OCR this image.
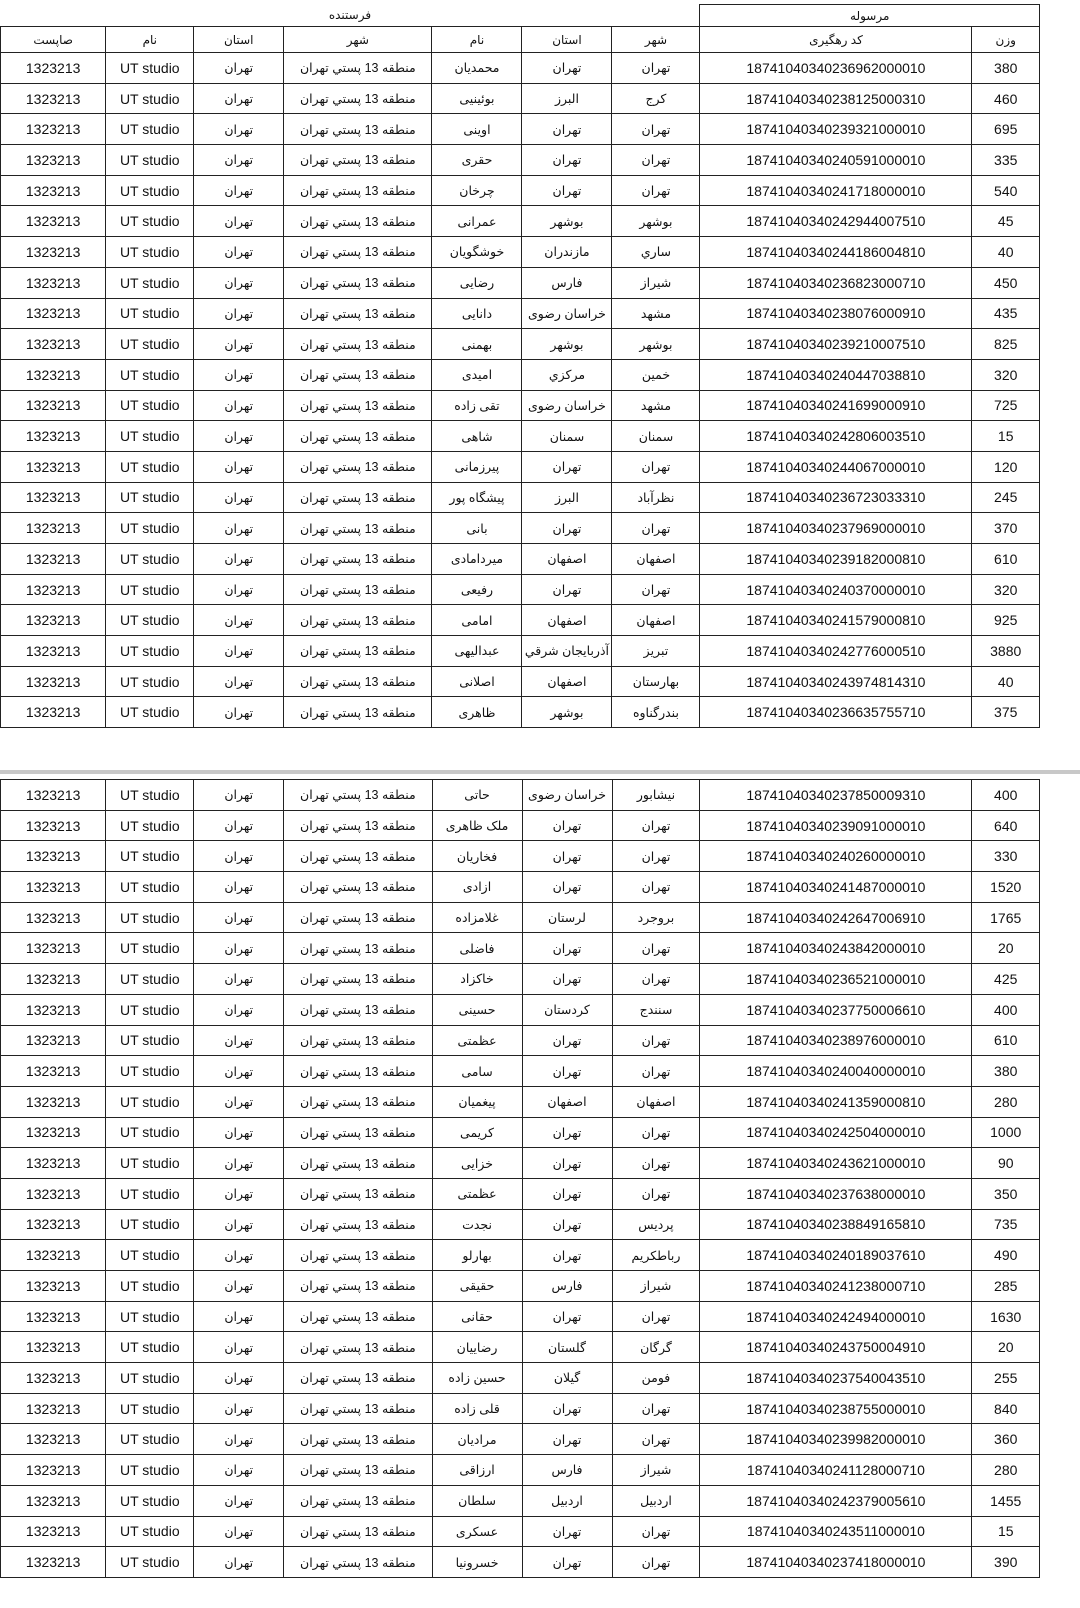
فرستنده							مرسوله	
صاپست	نام	استان	شهر	نام	استان	شهر	کد رهگیری	وزن
1323213	UT studio	تهران	منطقه 13 پستي تهران	محمديان	تهران	تهران	18741040340236962000010	380
1323213	UT studio	تهران	منطقه 13 پستي تهران	بوئينيى	البرز	کرج	18741040340238125000310	460
1323213	UT studio	تهران	منطقه 13 پستي تهران	اوينى	تهران	تهران	18741040340239321000010	695
1323213	UT studio	تهران	منطقه 13 پستي تهران	حقرى	تهران	تهران	18741040340240591000010	335
1323213	UT studio	تهران	منطقه 13 پستي تهران	چرخان	تهران	تهران	18741040340241718000010	540
1323213	UT studio	تهران	منطقه 13 پستي تهران	عمرانى	بوشهر	بوشهر	18741040340242944007510	45
1323213	UT studio	تهران	منطقه 13 پستي تهران	خوشگويان	مازندران	ساري	18741040340244186004810	40
1323213	UT studio	تهران	منطقه 13 پستي تهران	رضايى	فارس	شيراز	18741040340236823000710	450
1323213	UT studio	تهران	منطقه 13 پستي تهران	دانايى	خراسان رضوى	مشهد	18741040340238076000910	435
1323213	UT studio	تهران	منطقه 13 پستي تهران	بهمنى	بوشهر	بوشهر	18741040340239210007510	825
1323213	UT studio	تهران	منطقه 13 پستي تهران	اميدى	مرکزي	خمين	18741040340240447038810	320
1323213	UT studio	تهران	منطقه 13 پستي تهران	تقى زاده	خراسان رضوى	مشهد	18741040340241699000910	725
1323213	UT studio	تهران	منطقه 13 پستي تهران	شاهى	سمنان	سمنان	18741040340242806003510	15
1323213	UT studio	تهران	منطقه 13 پستي تهران	پيرزمانى	تهران	تهران	18741040340244067000010	120
1323213	UT studio	تهران	منطقه 13 پستي تهران	پيشگاه پور	البرز	نظرآباد	18741040340236723033310	245
1323213	UT studio	تهران	منطقه 13 پستي تهران	بانى	تهران	تهران	18741040340237969000010	370
1323213	UT studio	تهران	منطقه 13 پستي تهران	ميردامادى	اصفهان	اصفهان	18741040340239182000810	610
1323213	UT studio	تهران	منطقه 13 پستي تهران	رفيعى	تهران	تهران	18741040340240370000010	320
1323213	UT studio	تهران	منطقه 13 پستي تهران	امامى	اصفهان	اصفهان	18741040340241579000810	925
1323213	UT studio	تهران	منطقه 13 پستي تهران	عبداليهى	آذربايجان شرقي	تبريز	18741040340242776000510	3880
1323213	UT studio	تهران	منطقه 13 پستي تهران	اصلانى	اصفهان	بهارستان	18741040340243974814310	40
1323213	UT studio	تهران	منطقه 13 پستي تهران	ظاهرى	بوشهر	بندرگناوه	18741040340236635755710	375
1323213	UT studio	تهران	منطقه 13 پستي تهران	حاتى	خراسان رضوى	نيشابور	18741040340237850009310	400
1323213	UT studio	تهران	منطقه 13 پستي تهران	ملک ظاهرى	تهران	تهران	18741040340239091000010	640
1323213	UT studio	تهران	منطقه 13 پستي تهران	فخاريان	تهران	تهران	18741040340240260000010	330
1323213	UT studio	تهران	منطقه 13 پستي تهران	ازادى	تهران	تهران	18741040340241487000010	1520
1323213	UT studio	تهران	منطقه 13 پستي تهران	غلامزاده	لرستان	بروجرد	18741040340242647006910	1765
1323213	UT studio	تهران	منطقه 13 پستي تهران	فاضلى	تهران	تهران	18741040340243842000010	20
1323213	UT studio	تهران	منطقه 13 پستي تهران	خاكزاد	تهران	تهران	18741040340236521000010	425
1323213	UT studio	تهران	منطقه 13 پستي تهران	حسينى	کردستان	سنندج	18741040340237750006610	400
1323213	UT studio	تهران	منطقه 13 پستي تهران	عظمتى	تهران	تهران	18741040340238976000010	610
1323213	UT studio	تهران	منطقه 13 پستي تهران	سامى	تهران	تهران	18741040340240040000010	380
1323213	UT studio	تهران	منطقه 13 پستي تهران	پيغميان	اصفهان	اصفهان	18741040340241359000810	280
1323213	UT studio	تهران	منطقه 13 پستي تهران	کريمى	تهران	تهران	18741040340242504000010	1000
1323213	UT studio	تهران	منطقه 13 پستي تهران	خزايى	تهران	تهران	18741040340243621000010	90
1323213	UT studio	تهران	منطقه 13 پستي تهران	عظمتى	تهران	تهران	18741040340237638000010	350
1323213	UT studio	تهران	منطقه 13 پستي تهران	نجدت	تهران	پرديس	18741040340238849165810	735
1323213	UT studio	تهران	منطقه 13 پستي تهران	بهارلو	تهران	رباطکريم	18741040340240189037610	490
1323213	UT studio	تهران	منطقه 13 پستي تهران	حقيقى	فارس	شيراز	18741040340241238000710	285
1323213	UT studio	تهران	منطقه 13 پستي تهران	حقانى	تهران	تهران	18741040340242494000010	1630
1323213	UT studio	تهران	منطقه 13 پستي تهران	رضاييان	گلستان	گرگان	18741040340243750004910	20
1323213	UT studio	تهران	منطقه 13 پستي تهران	حسين زاده	گيلان	فومن	18741040340237540043510	255
1323213	UT studio	تهران	منطقه 13 پستي تهران	قلى زاده	تهران	تهران	18741040340238755000010	840
1323213	UT studio	تهران	منطقه 13 پستي تهران	مراديان	تهران	تهران	18741040340239982000010	360
1323213	UT studio	تهران	منطقه 13 پستي تهران	ارزاقى	فارس	شيراز	18741040340241128000710	280
1323213	UT studio	تهران	منطقه 13 پستي تهران	سلطان	اردبيل	اردبيل	18741040340242379005610	1455
1323213	UT studio	تهران	منطقه 13 پستي تهران	عسکرى	تهران	تهران	18741040340243511000010	15
1323213	UT studio	تهران	منطقه 13 پستي تهران	خسرونيا	تهران	تهران	18741040340237418000010	390
